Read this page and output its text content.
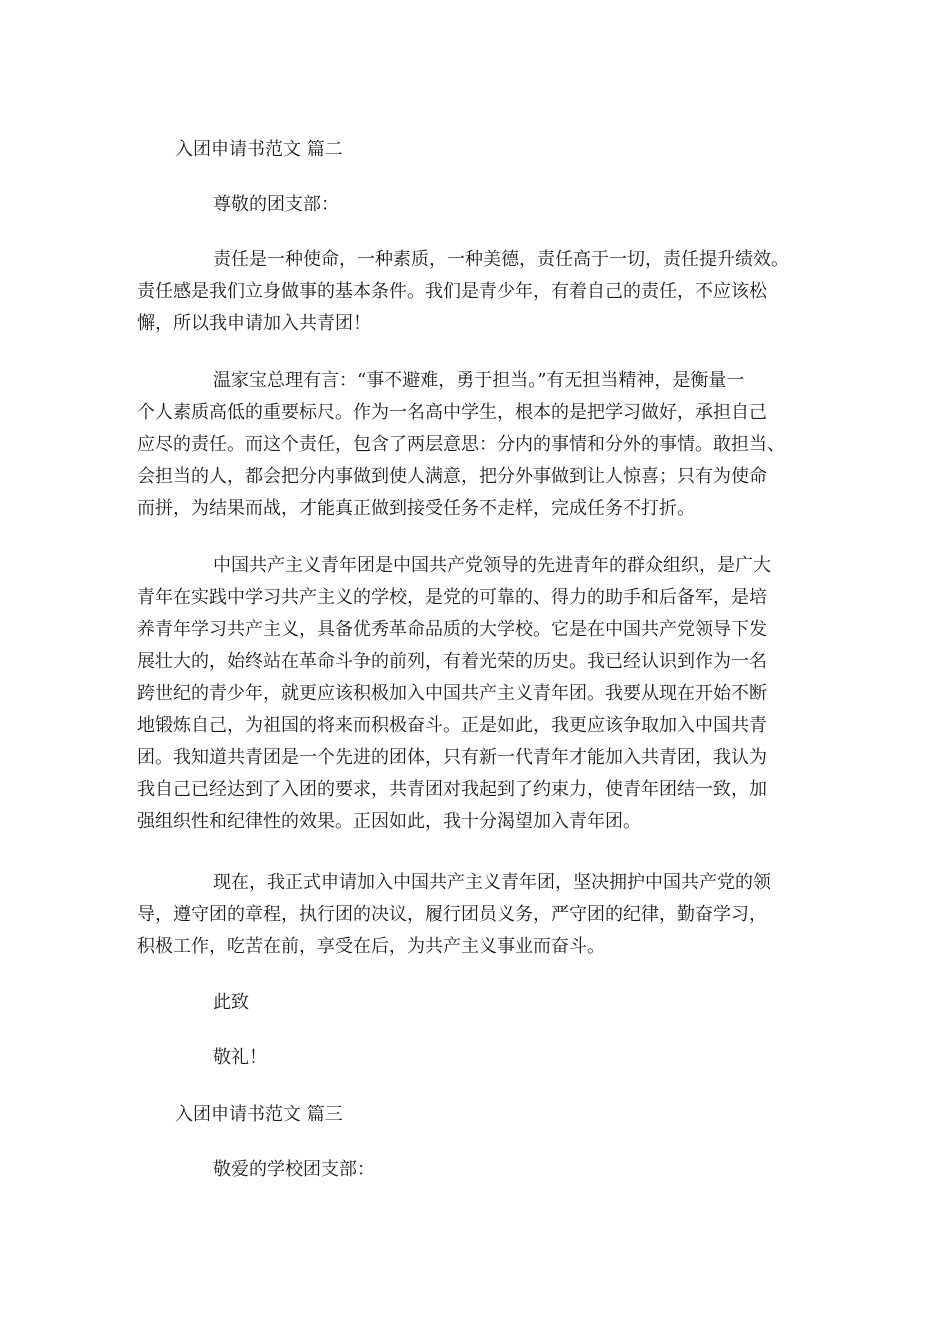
入团申请书范文 篇二
尊敬的团支部：
责任是一种使命，一种素质，一种美德，责任高于一切，责任提升绩效。
责任感是我们立身做事的基本条件。我们是青少年，有着自己的责任，不应该松
懈，所以我申请加入共青团！
温家宝总理有言：“事不避难，勇于担当。”有无担当精神，是衡量一
个人素质高低的重要标尺。作为一名高中学生，根本的是把学习做好，承担自己
应尽的责任。而这个责任，包含了两层意思：分内的事情和分外的事情。敢担当、
会担当的人，都会把分内事做到使人满意，把分外事做到让人惊喜；只有为使命
而拼，为结果而战，才能真正做到接受任务不走样，完成任务不打折。
中国共产主义青年团是中国共产党领导的先进青年的群众组织，是广大
青年在实践中学习共产主义的学校，是党的可靠的、得力的助手和后备军，是培
养青年学习共产主义，具备优秀革命品质的大学校。它是在中国共产党领导下发
展壮大的，始终站在革命斗争的前列，有着光荣的历史。我已经认识到作为一名
跨世纪的青少年，就更应该积极加入中国共产主义青年团。我要从现在开始不断
地锻炼自己，为祖国的将来而积极奋斗。正是如此，我更应该争取加入中国共青
团。我知道共青团是一个先进的团体，只有新一代青年才能加入共青团，我认为
我自己已经达到了入团的要求，共青团对我起到了约束力，使青年团结一致，加
强组织性和纪律性的效果。正因如此，我十分渴望加入青年团。
现在，我正式申请加入中国共产主义青年团，坚决拥护中国共产党的领
导，遵守团的章程，执行团的决议，履行团员义务，严守团的纪律，勤奋学习，
积极工作，吃苦在前，享受在后，为共产主义事业而奋斗。
此致
敬礼！
入团申请书范文 篇三
敬爱的学校团支部：
